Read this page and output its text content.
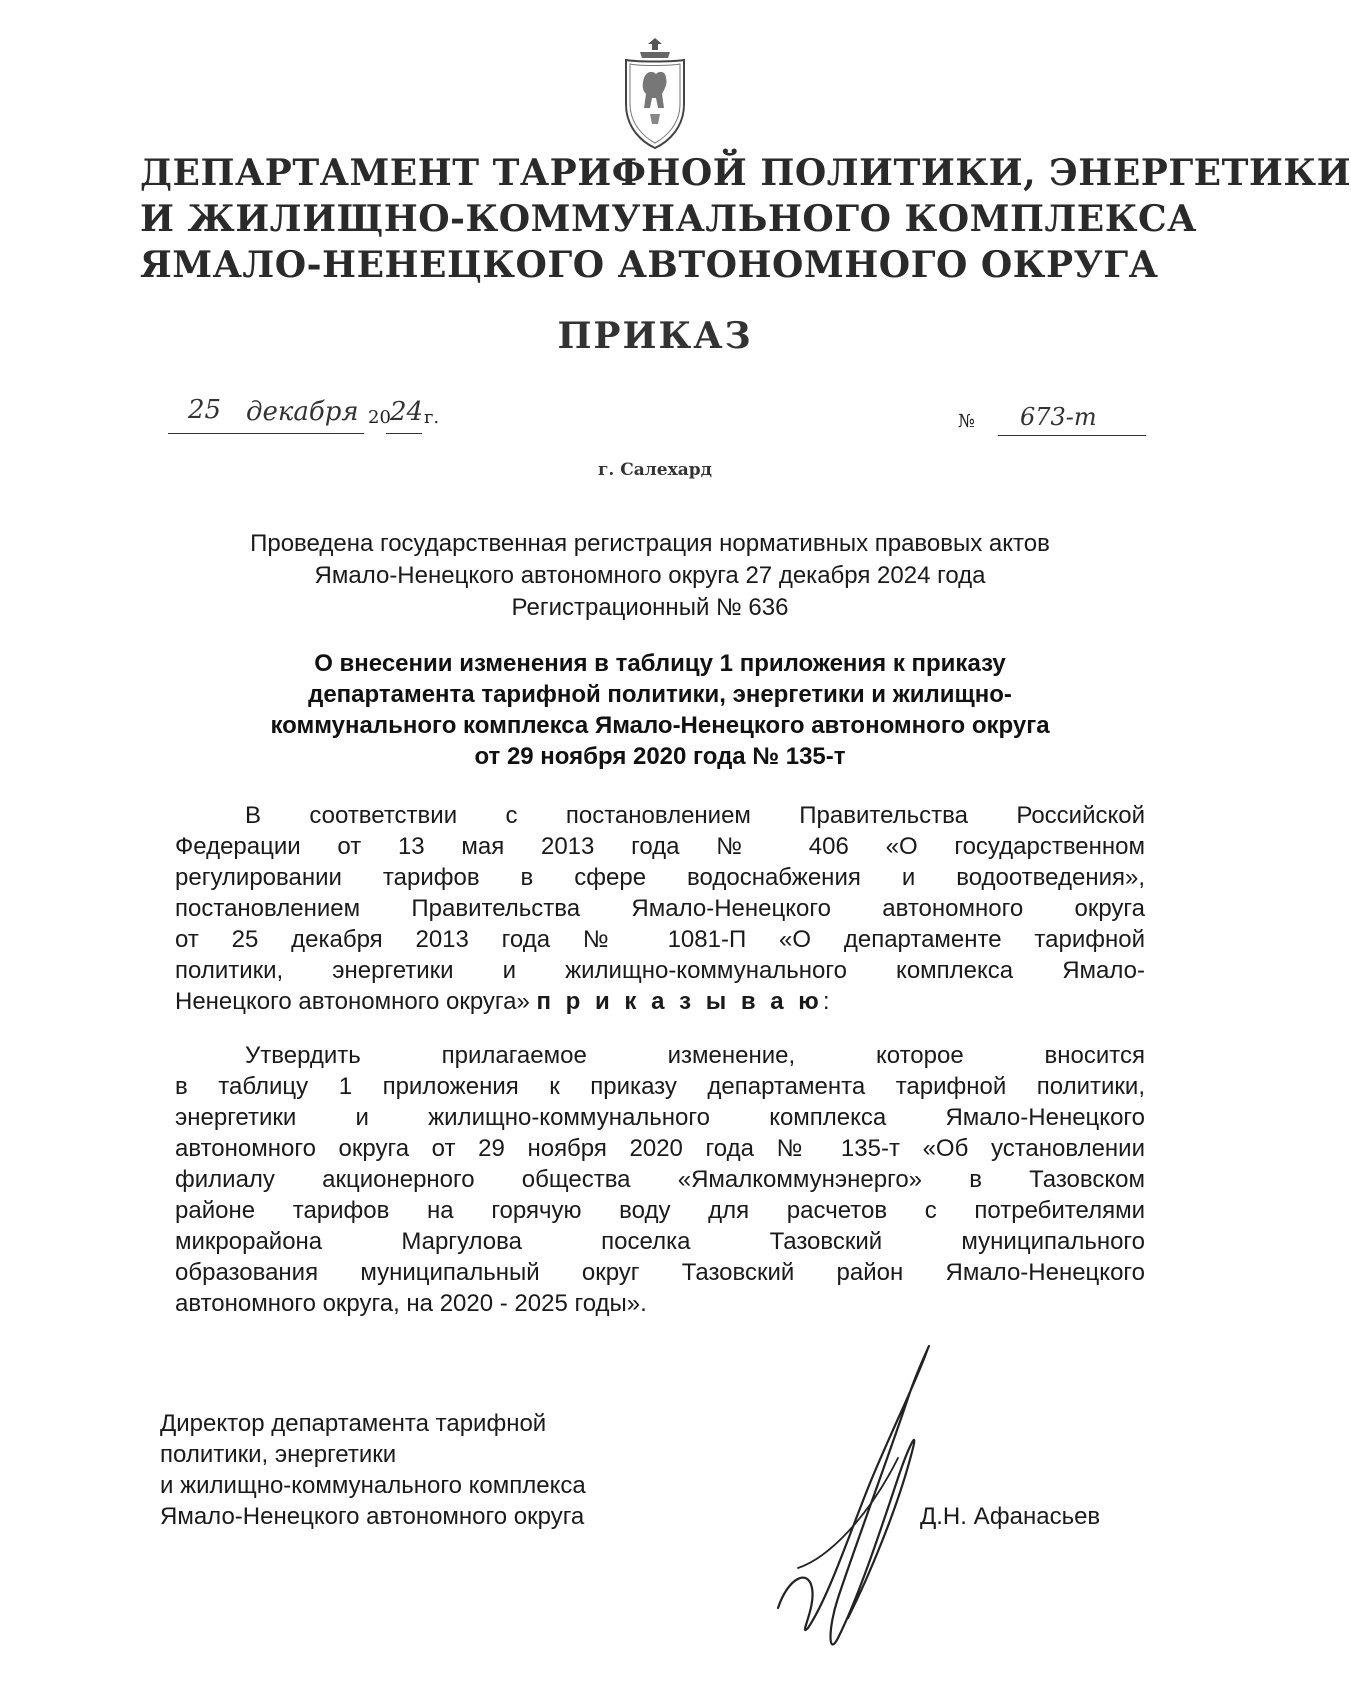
ДЕПАРТАМЕНТ ТАРИФНОЙ ПОЛИТИКИ, ЭНЕРГЕТИКИ
И ЖИЛИЩНО-КОММУНАЛЬНОГО КОМПЛЕКСА
ЯМАЛО-НЕНЕЦКОГО АВТОНОМНОГО ОКРУГА
ПРИКАЗ
25 декабря 20 24 г.	№ 673-т
г. Салехард
Проведена государственная регистрация нормативных правовых актов
Ямало-Ненецкого автономного округа 27 декабря 2024 года
Регистрационный № 636
О внесении изменения в таблицу 1 приложения к приказу
департамента тарифной политики, энергетики и жилищно-
коммунального комплекса Ямало-Ненецкого автономного округа
от 29 ноября 2020 года № 135-т
В соответствии с постановлением Правительства Российской
Федерации от 13 мая 2013 года № 406 «О государственном
регулировании тарифов в сфере водоснабжения и водоотведения»,
постановлением Правительства Ямало-Ненецкого автономного округа
от 25 декабря 2013 года № 1081-П «О департаменте тарифной
политики, энергетики и жилищно-коммунального комплекса Ямало-
Ненецкого автономного округа» п р и к а з ы в а ю:
Утвердить прилагаемое изменение, которое вносится
в таблицу 1 приложения к приказу департамента тарифной политики,
энергетики и жилищно-коммунального комплекса Ямало-Ненецкого
автономного округа от 29 ноября 2020 года № 135-т «Об установлении
филиалу акционерного общества «Ямалкоммунэнерго» в Тазовском
районе тарифов на горячую воду для расчетов с потребителями
микрорайона Маргулова поселка Тазовский муниципального
образования муниципальный округ Тазовский район Ямало-Ненецкого
автономного округа, на 2020 - 2025 годы».
Директор департамента тарифной
политики, энергетики
и жилищно-коммунального комплекса
Ямало-Ненецкого автономного округа	Д.Н. Афанасьев
